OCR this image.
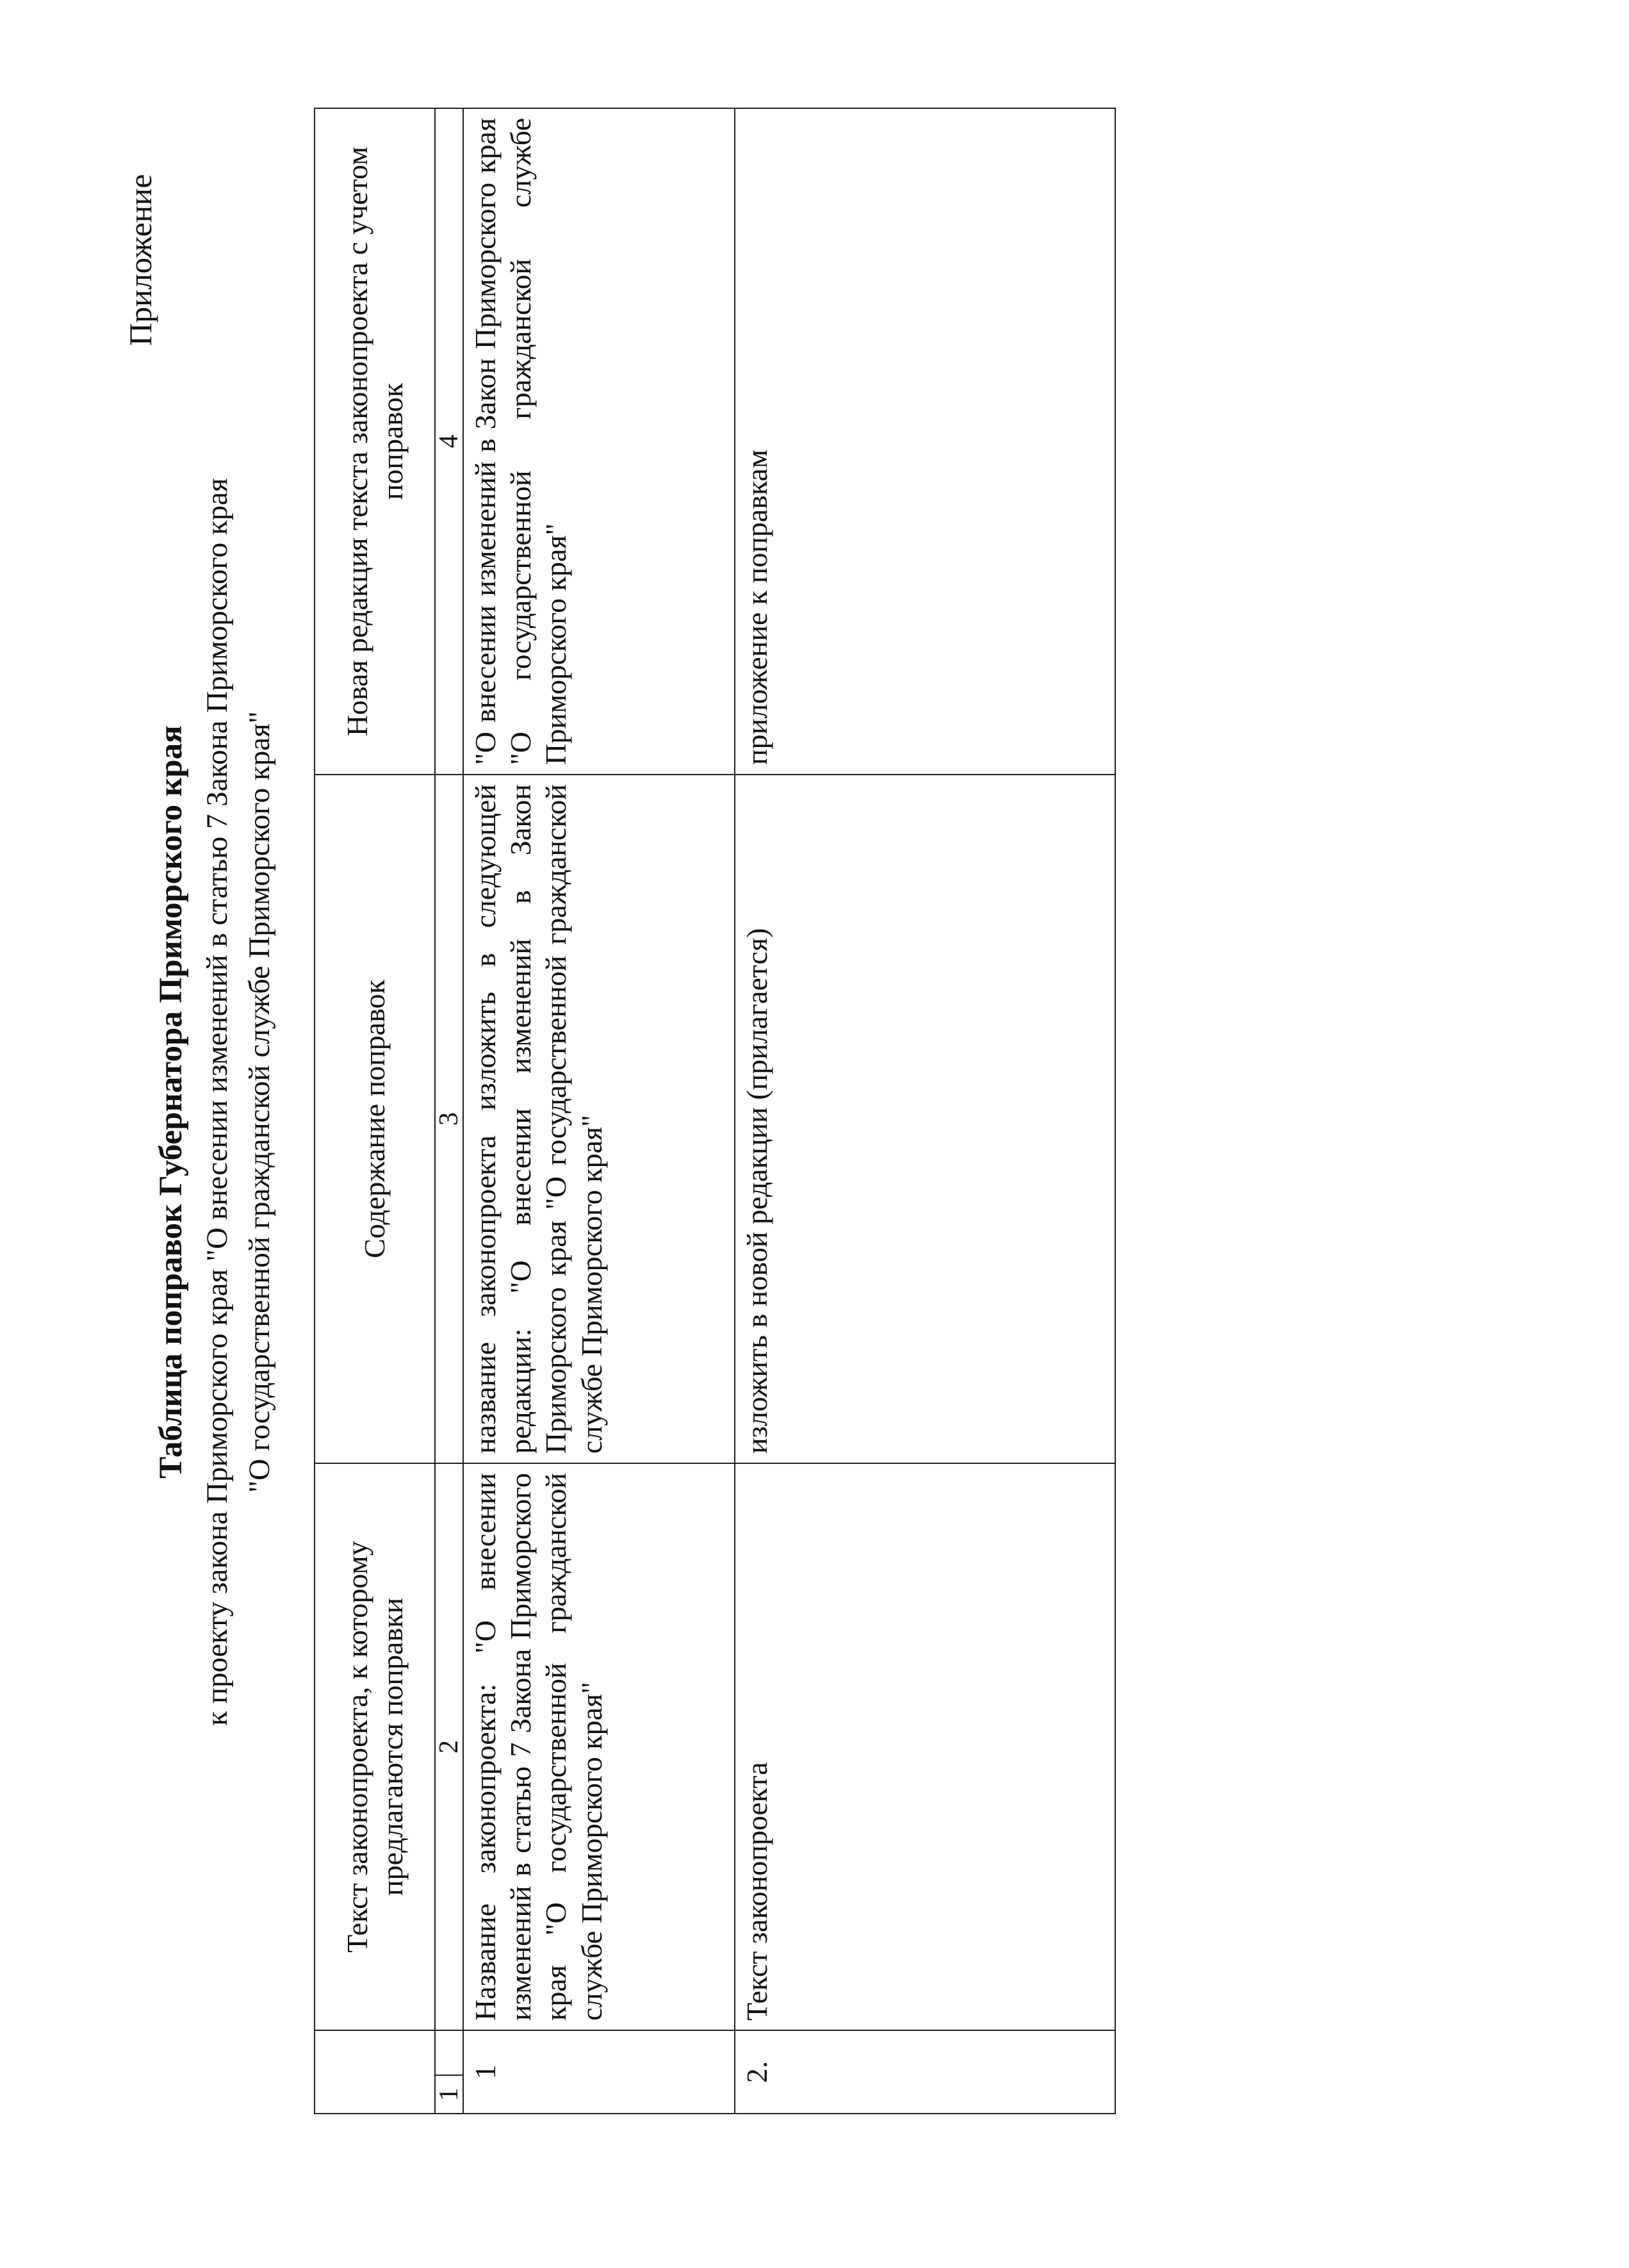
Приложение
Таблица поправок Губернатора Приморского края к проекту закона Приморского края "О внесении изменений в статью 7 Закона Приморского края "О государственной гражданской службе Приморского края"
		Текст законопроекта, к которому предлагаются поправки	Содержание поправок	Новая редакция текста законопроекта с учетом поправок
1		2	3	4
1		Название законопроекта: "О внесении изменений в статью 7 Закона Приморского края "О государственной гражданской службе Приморского края"	название законопроекта изложить в следующей редакции: "О внесении изменений в Закон Приморского края "О государственной гражданской службе Приморского края"	"О внесении изменений в Закон Приморского края "О государственной гражданской службе Приморского края"
2.		Текст законопроекта	изложить в новой редакции (прилагается)	приложение к поправкам
